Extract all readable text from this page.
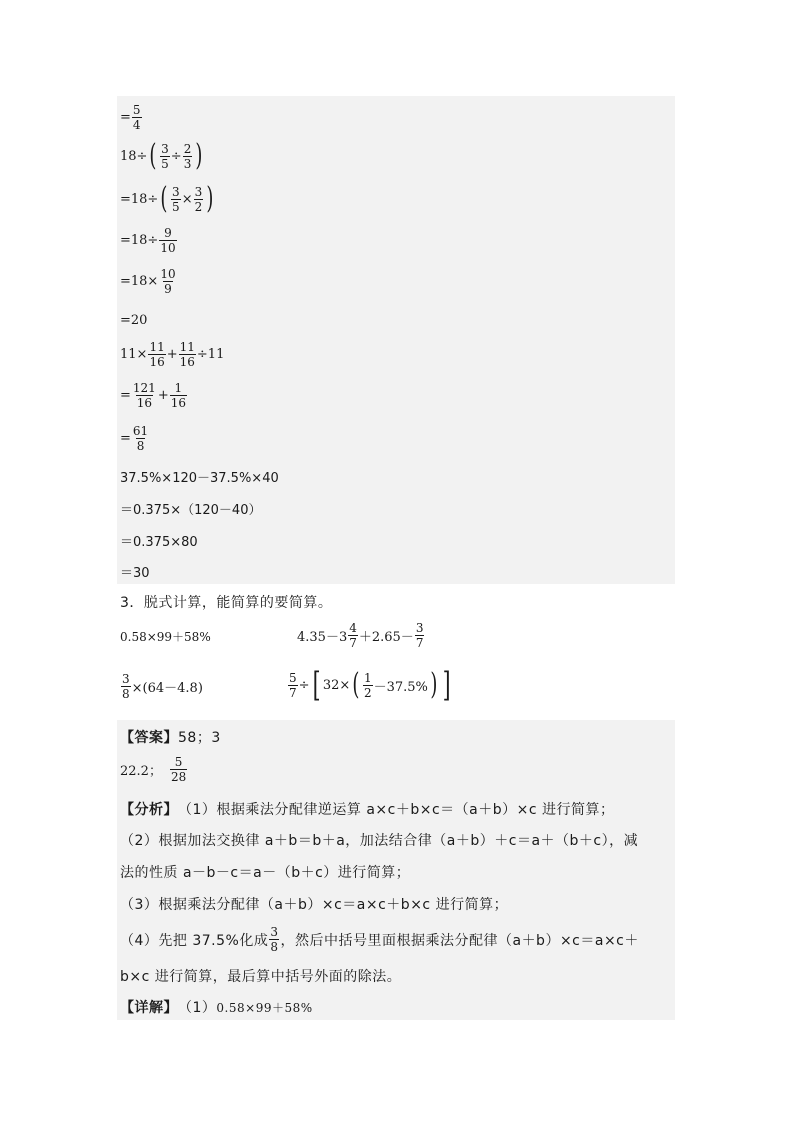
= $\frac{5}{4}$
18÷ ( $\frac{3}{5} \div \frac{2}{3}$ )
=18÷ ( $\frac{3}{5} \times \frac{3}{2}$ )
$=18\div \frac{9}{10}$
$=18\times \frac{10}{9}$
=20
$11\times \frac{11}{16} + \frac{11}{16} \div 11$
= $\frac{121}{16} + \frac{1}{16}$
= $\frac{61}{8}$
37.5%×120－37.5%×40
＝0.375×（120－40）
＝0.375×80
＝30
3．脱式计算，能简算的要简算。
0.58×99＋58%	$4.35-3 \frac{4}{7} +2.65- \frac{3}{7}$
$\frac{3}{8} \times(64-4.8)$	$\frac{5}{7}$ ÷ [ 32× ( $\frac{1}{2} -37.5\%$ ) ]
【答案】 58；3
22.2； $\frac{5}{28}$
【分析】 （1）根据乘法分配律逆运算 a×c＋b×c＝（a＋b）×c 进行简算；
（2）根据加法交换律 a＋b＝b＋a，加法结合律（a＋b）＋c＝a＋（b＋c），减
法的性质 a－b－c＝a－（b＋c）进行简算；
（3）根据乘法分配律（a＋b）×c＝a×c＋b×c 进行简算；
（4）先把 37.5%化成 $\frac{3}{8}$ ，然后中括号里面根据乘法分配律（a＋b）×c＝a×c＋
b×c 进行简算，最后算中括号外面的除法。
【详解】 （1） 0.58×99＋58%
